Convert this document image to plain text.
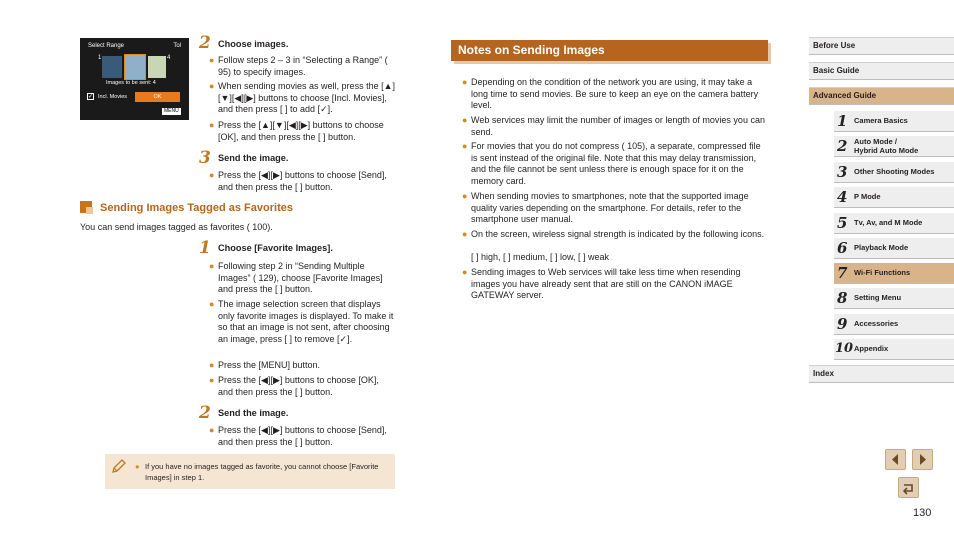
Select Range	Tol
1	4
Images to be sent: 4
✓ Incl. Movies	OK
MENU
2 Choose images.
● Follow steps 2 – 3 in “Selecting a Range” ( 95) to specify images.
● When sending movies as well, press the [▲][▼][◀][▶] buttons to choose [Incl. Movies], and then press [ ] to add [✓].
● Press the [▲][▼][◀][▶] buttons to choose [OK], and then press the [ ] button.
3 Send the image.
● Press the [◀][▶] buttons to choose [Send], and then press the [ ] button.
Sending Images Tagged as Favorites
You can send images tagged as favorites ( 100).
1 Choose [Favorite Images].
● Following step 2 in “Sending Multiple Images” ( 129), choose [Favorite Images] and press the [ ] button.
● The image selection screen that displays only favorite images is displayed. To make it so that an image is not sent, after choosing an image, press [ ] to remove [✓].
● Press the [MENU] button.
● Press the [◀][▶] buttons to choose [OK], and then press the [ ] button.
2 Send the image.
● Press the [◀][▶] buttons to choose [Send], and then press the [ ] button.
● If you have no images tagged as favorite, you cannot choose [Favorite Images] in step 1.
Notes on Sending Images
● Depending on the condition of the network you are using, it may take a long time to send movies. Be sure to keep an eye on the camera battery level.
● Web services may limit the number of images or length of movies you can send.
● For movies that you do not compress ( 105), a separate, compressed file is sent instead of the original file. Note that this may delay transmission, and the file cannot be sent unless there is enough space for it on the memory card.
● When sending movies to smartphones, note that the supported image quality varies depending on the smartphone. For details, refer to the smartphone user manual.
● On the screen, wireless signal strength is indicated by the following icons.
[ ] high, [ ] medium, [ ] low, [ ] weak
● Sending images to Web services will take less time when resending images you have already sent that are still on the CANON iMAGE GATEWAY server.
Before Use
Basic Guide
Advanced Guide
1 Camera Basics
2 Auto Mode /
Hybrid Auto Mode
3 Other Shooting Modes
4 P Mode
5 Tv, Av, and M Mode
6 Playback Mode
7 Wi-Fi Functions
8 Setting Menu
9 Accessories
10 Appendix
Index
130
